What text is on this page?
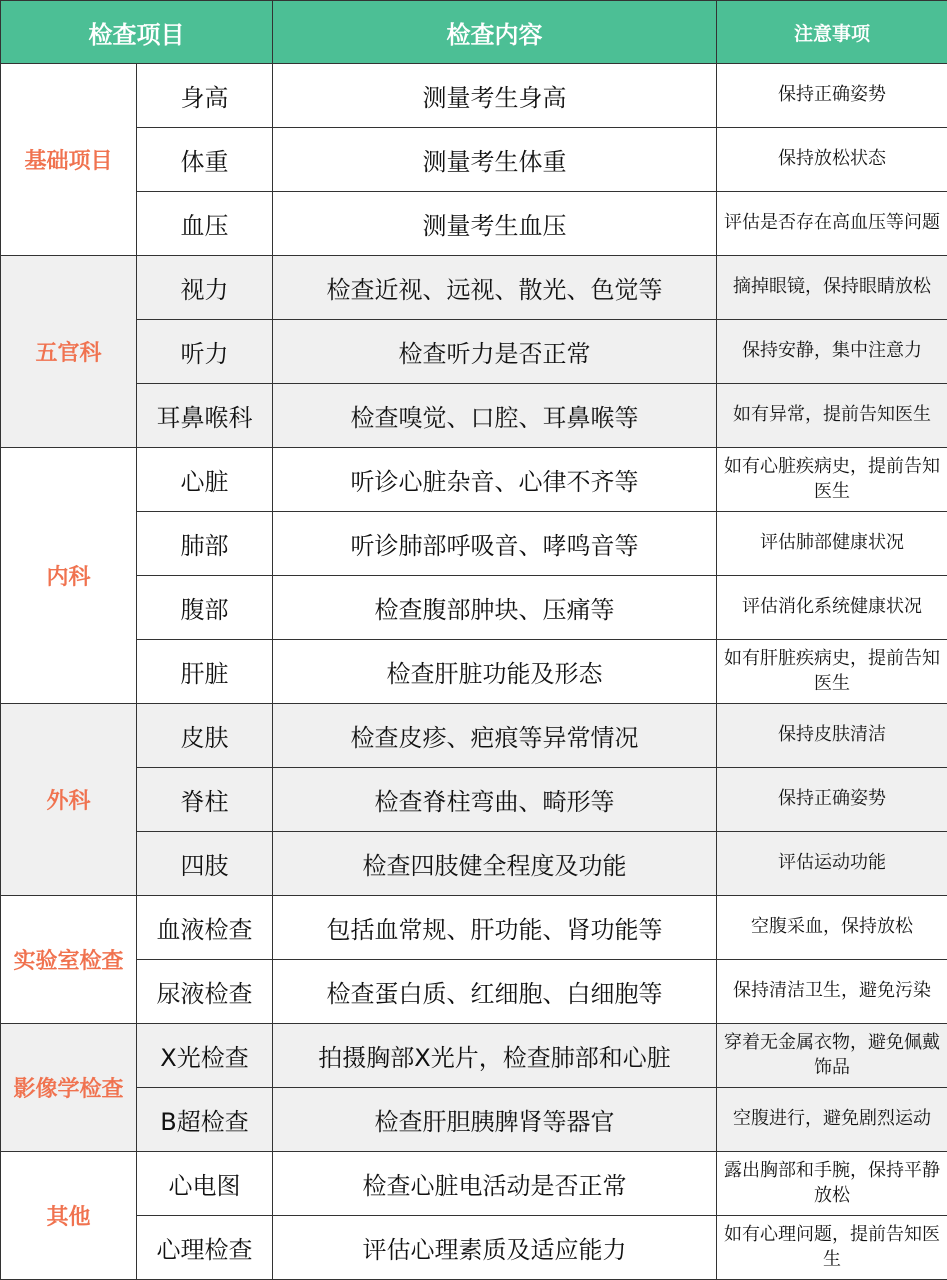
检查项目		检查内容	注意事项
基础项目	身高	测量考生身高	保持正确姿势
	体重	测量考生体重	保持放松状态
	血压	测量考生血压	评估是否存在高血压等问题
五官科	视力	检查近视、远视、散光、色觉等	摘掉眼镜，保持眼睛放松
	听力	检查听力是否正常	保持安静，集中注意力
	耳鼻喉科	检查嗅觉、口腔、耳鼻喉等	如有异常，提前告知医生
内科	心脏	听诊心脏杂音、心律不齐等	如有心脏疾病史，提前告知医生
	肺部	听诊肺部呼吸音、哮鸣音等	评估肺部健康状况
	腹部	检查腹部肿块、压痛等	评估消化系统健康状况
	肝脏	检查肝脏功能及形态	如有肝脏疾病史，提前告知医生
外科	皮肤	检查皮疹、疤痕等异常情况	保持皮肤清洁
	脊柱	检查脊柱弯曲、畸形等	保持正确姿势
	四肢	检查四肢健全程度及功能	评估运动功能
实验室检查	血液检查	包括血常规、肝功能、肾功能等	空腹采血，保持放松
	尿液检查	检查蛋白质、红细胞、白细胞等	保持清洁卫生，避免污染
影像学检查	X光检查	拍摄胸部X光片，检查肺部和心脏	穿着无金属衣物，避免佩戴饰品
	B超检查	检查肝胆胰脾肾等器官	空腹进行，避免剧烈运动
其他	心电图	检查心脏电活动是否正常	露出胸部和手腕，保持平静放松
	心理检查	评估心理素质及适应能力	如有心理问题，提前告知医生
